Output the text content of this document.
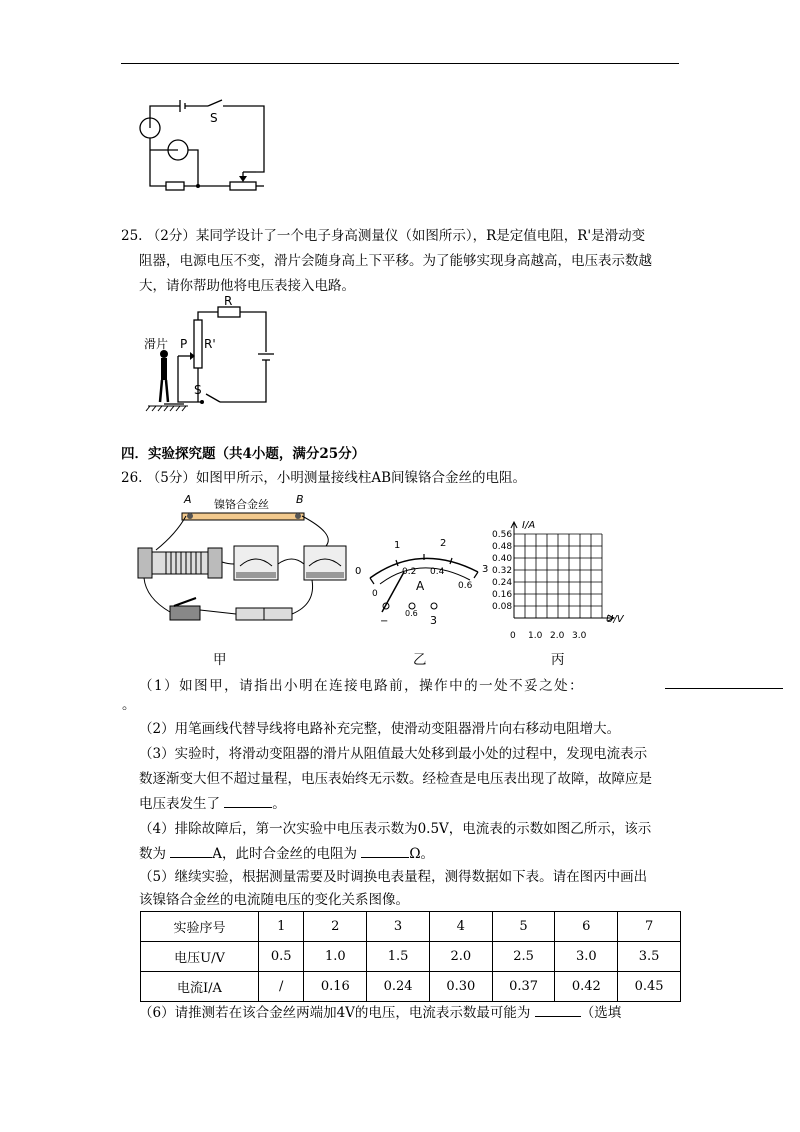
S
25. （2分）某同学设计了一个电子身高测量仪（如图所示），R是定值电阻，R'是滑动变
阻器，电源电压不变，滑片会随身高上下平移。为了能够实现身高越高，电压表示数越
大，请你帮助他将电压表接入电路。
R
R'
P
滑片
S
四．实验探究题（共4小题，满分25分）
26. （5分）如图甲所示，小明测量接线柱AB间镍铬合金丝的电阻。
A	B
镍铬合金丝
甲
0
1	2
3
0
0.2 0.4
0.6
A
−
0.6
3
乙
0.56
0.48
0.40
0.32
0.24
0.16
0.08
0 1.0 2.0 3.0
I/A
U/V
丙
（1）如图甲，请指出小明在连接电路前，操作中的一处不妥之处：
。
（2）用笔画线代替导线将电路补充完整，使滑动变阻器滑片向右移动电阻增大。
（3）实验时，将滑动变阻器的滑片从阻值最大处移到最小处的过程中，发现电流表示
数逐渐变大但不超过量程，电压表始终无示数。经检查是电压表出现了故障，故障应是
电压表发生了	。
（4）排除故障后，第一次实验中电压表示数为0.5V，电流表的示数如图乙所示，该示
数为	A，此时合金丝的电阻为	Ω。
（5）继续实验，根据测量需要及时调换电表量程，测得数据如下表。请在图丙中画出
该镍铬合金丝的电流随电压的变化关系图像。
实验序号	1	2	3	4	5	6	7
电压U/V	0.5	1.0	1.5	2.0	2.5	3.0	3.5
电流I/A	/	0.16	0.24	0.30	0.37	0.42	0.45
（6）请推测若在该合金丝两端加4V的电压，电流表示数最可能为	（选填
